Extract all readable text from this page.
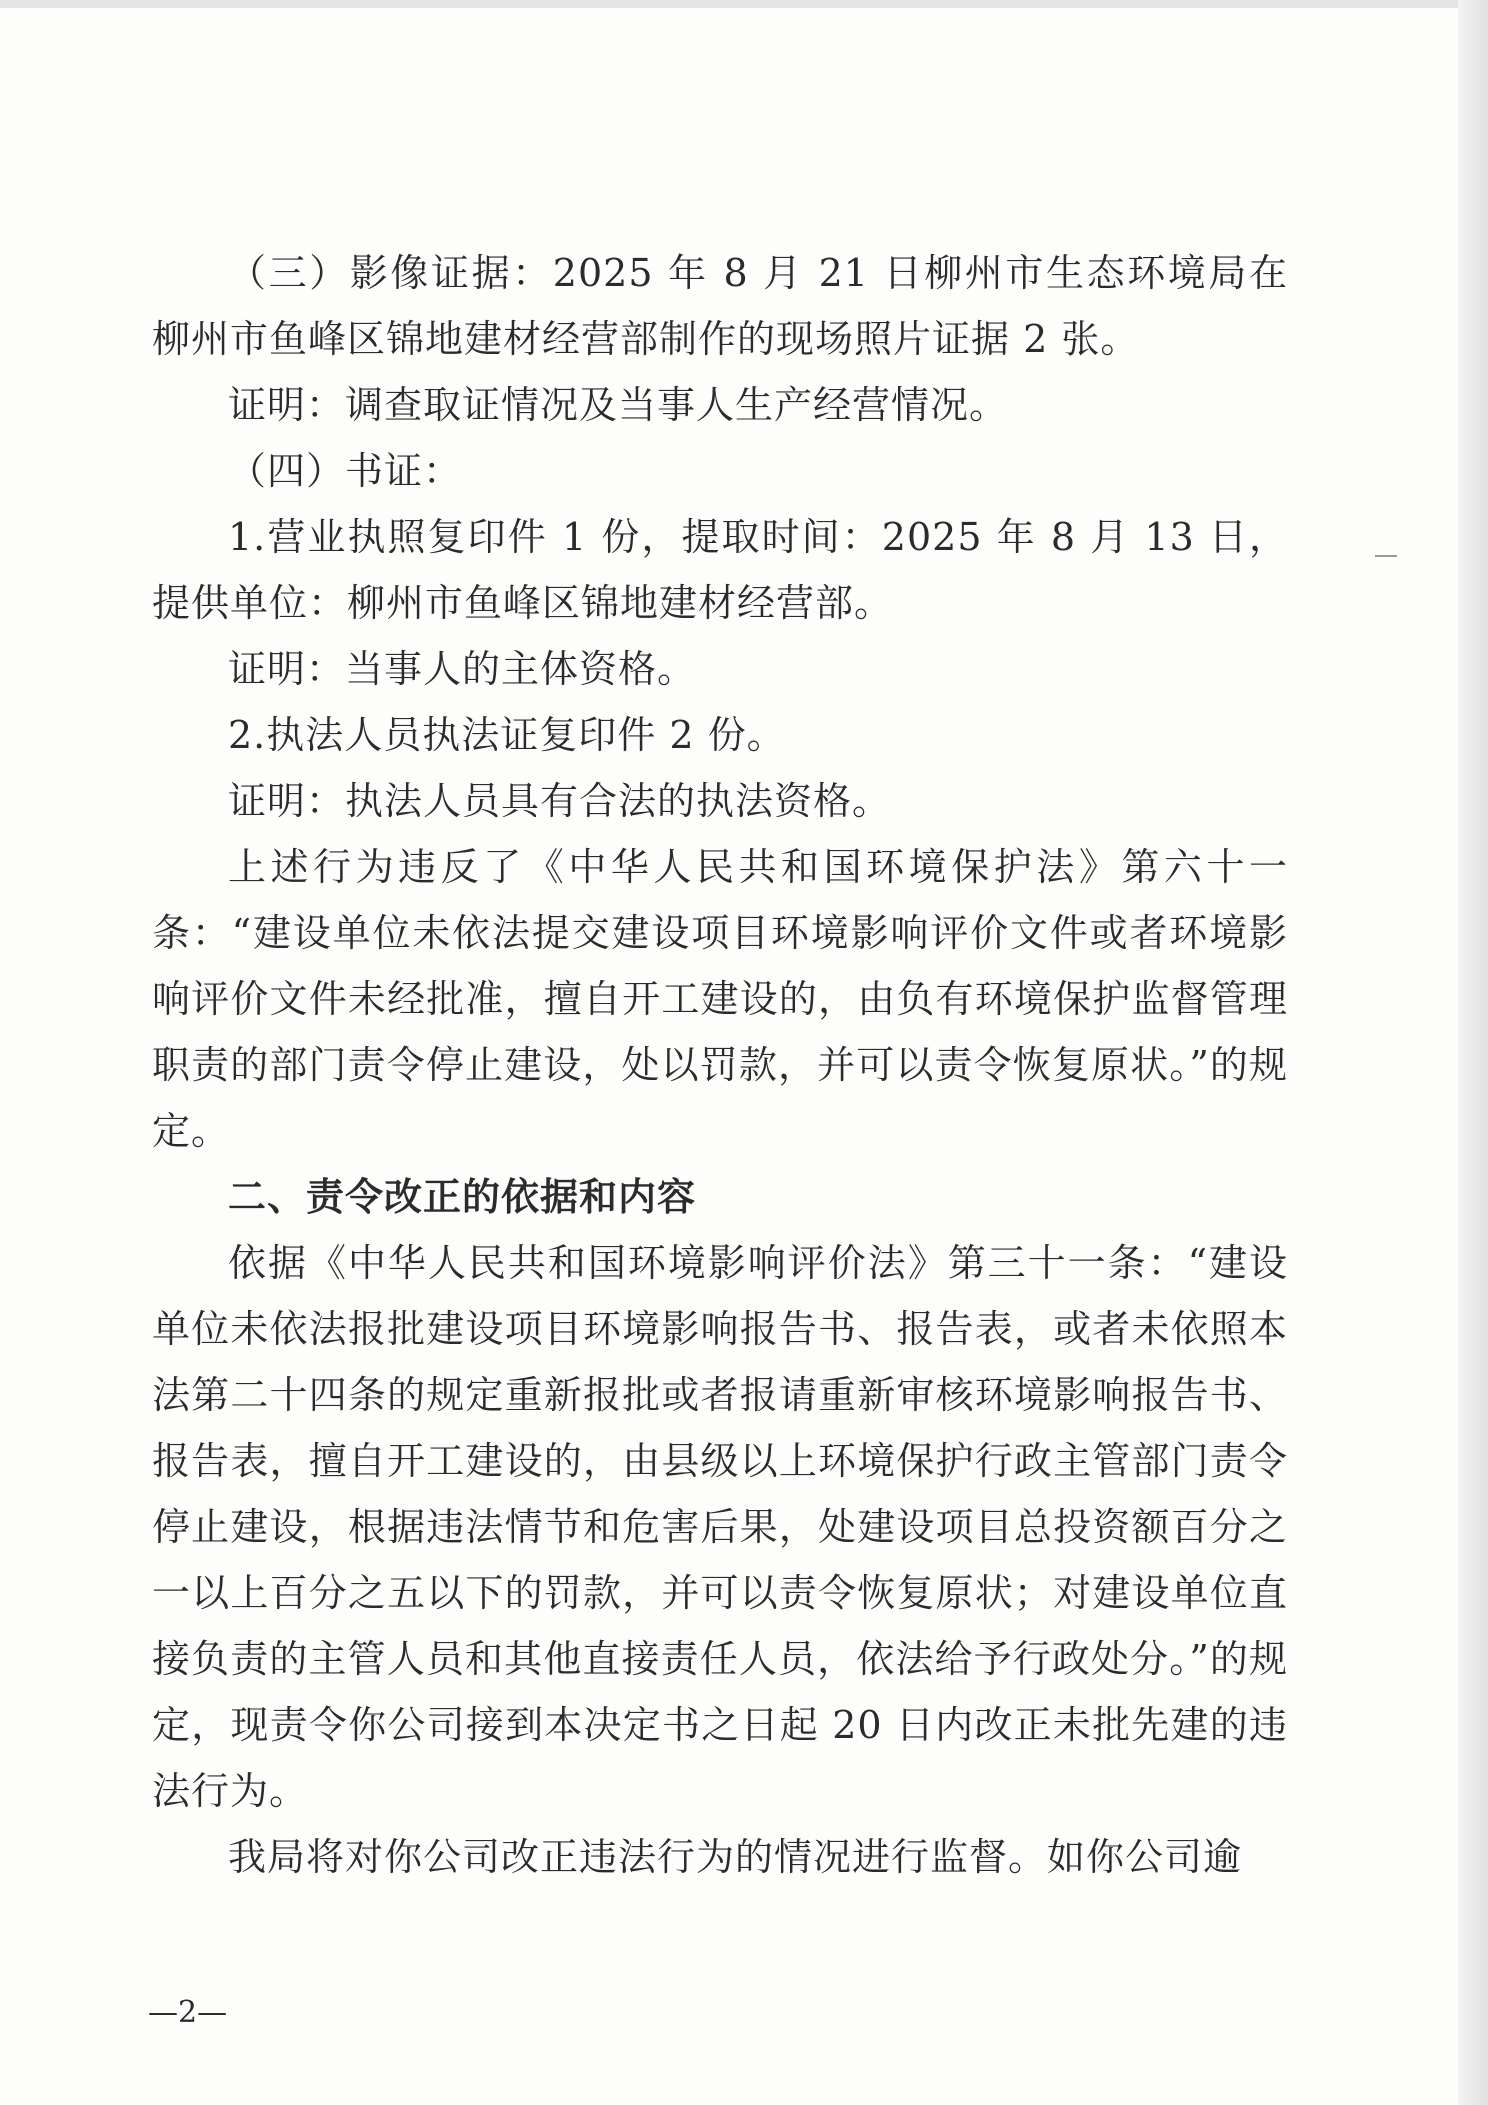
（三）影像证据：2025 年 8 月 21 日柳州市生态环境局在柳州市鱼峰区锦地建材经营部制作的现场照片证据 2 张。

证明：调查取证情况及当事人生产经营情况。

（四）书证：

1.营业执照复印件 1 份，提取时间：2025 年 8 月 13 日，提供单位：柳州市鱼峰区锦地建材经营部。

证明：当事人的主体资格。

2.执法人员执法证复印件 2 份。

证明：执法人员具有合法的执法资格。

上述行为违反了《中华人民共和国环境保护法》第六十一条：“建设单位未依法提交建设项目环境影响评价文件或者环境影响评价文件未经批准，擅自开工建设的，由负有环境保护监督管理职责的部门责令停止建设，处以罚款，并可以责令恢复原状。”的规定。

二、责令改正的依据和内容

依据《中华人民共和国环境影响评价法》第三十一条：“建设单位未依法报批建设项目环境影响报告书、报告表，或者未依照本法第二十四条的规定重新报批或者报请重新审核环境影响报告书、报告表，擅自开工建设的，由县级以上环境保护行政主管部门责令停止建设，根据违法情节和危害后果，处建设项目总投资额百分之一以上百分之五以下的罚款，并可以责令恢复原状；对建设单位直接负责的主管人员和其他直接责任人员，依法给予行政处分。”的规定，现责令你公司接到本决定书之日起 20 日内改正未批先建的违法行为。

我局将对你公司改正违法行为的情况进行监督。如你公司逾

—2—
